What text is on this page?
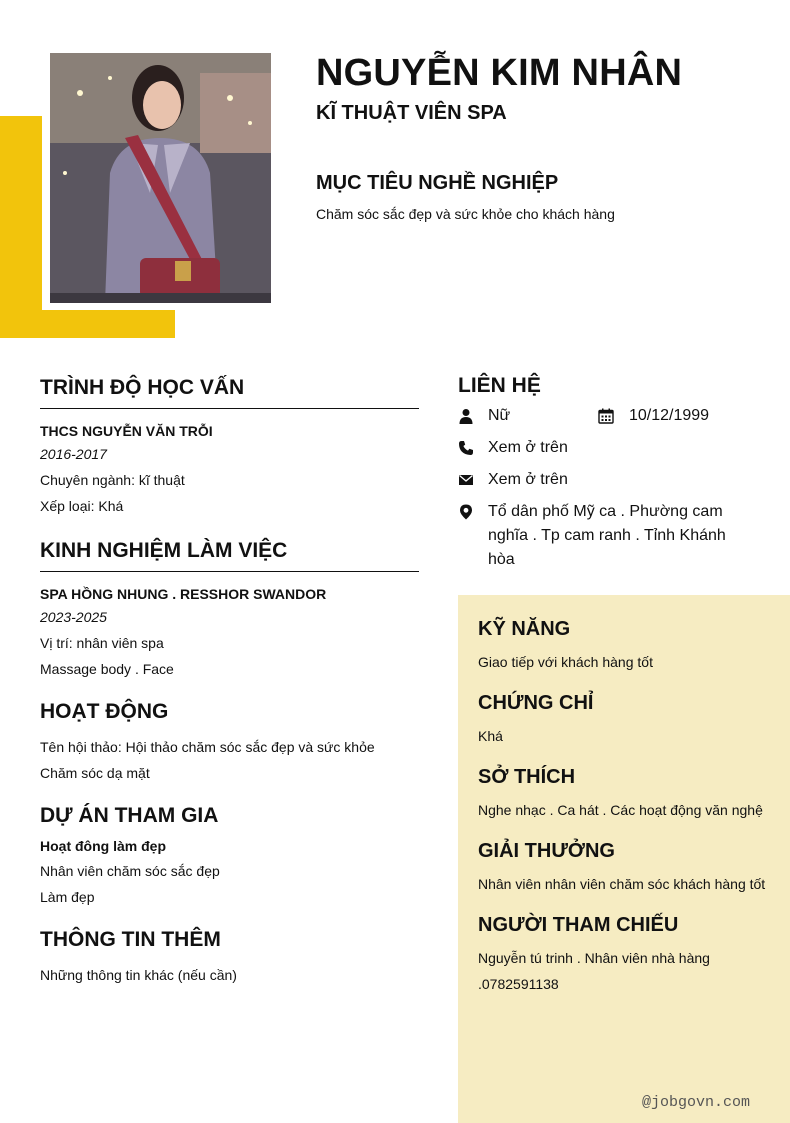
NGUYỄN KIM NHÂN
KĨ THUẬT VIÊN SPA
MỤC TIÊU NGHỀ NGHIỆP
Chăm sóc sắc đẹp và sức khỏe cho khách hàng
TRÌNH ĐỘ HỌC VẤN
THCS NGUYỄN VĂN TRỖI
2016-2017
Chuyên ngành: kĩ thuật
Xếp loại: Khá
KINH NGHIỆM LÀM VIỆC
SPA HỒNG NHUNG . RESSHOR SWANDOR
2023-2025
Vị trí: nhân viên spa
Massage body . Face
HOẠT ĐỘNG
Tên hội thảo: Hội thảo chăm sóc sắc đẹp và sức khỏe
Chăm sóc dạ mặt
DỰ ÁN THAM GIA
Hoạt đông làm đẹp
Nhân viên chăm sóc sắc đẹp
Làm đẹp
THÔNG TIN THÊM
Những thông tin khác (nếu cần)
LIÊN HỆ
Nữ	10/12/1999
Xem ở trên
Xem ở trên
Tổ dân phố Mỹ ca . Phường cam nghĩa . Tp cam ranh . Tỉnh Khánh hòa
KỸ NĂNG
Giao tiếp với khách hàng tốt
CHỨNG CHỈ
Khá
SỞ THÍCH
Nghe nhạc . Ca hát . Các hoạt động văn nghệ
GIẢI THƯỞNG
Nhân viên nhân viên chăm sóc khách hàng tốt
NGƯỜI THAM CHIẾU
Nguyễn tú trinh . Nhân viên nhà hàng .0782591138
@jobgovn.com
